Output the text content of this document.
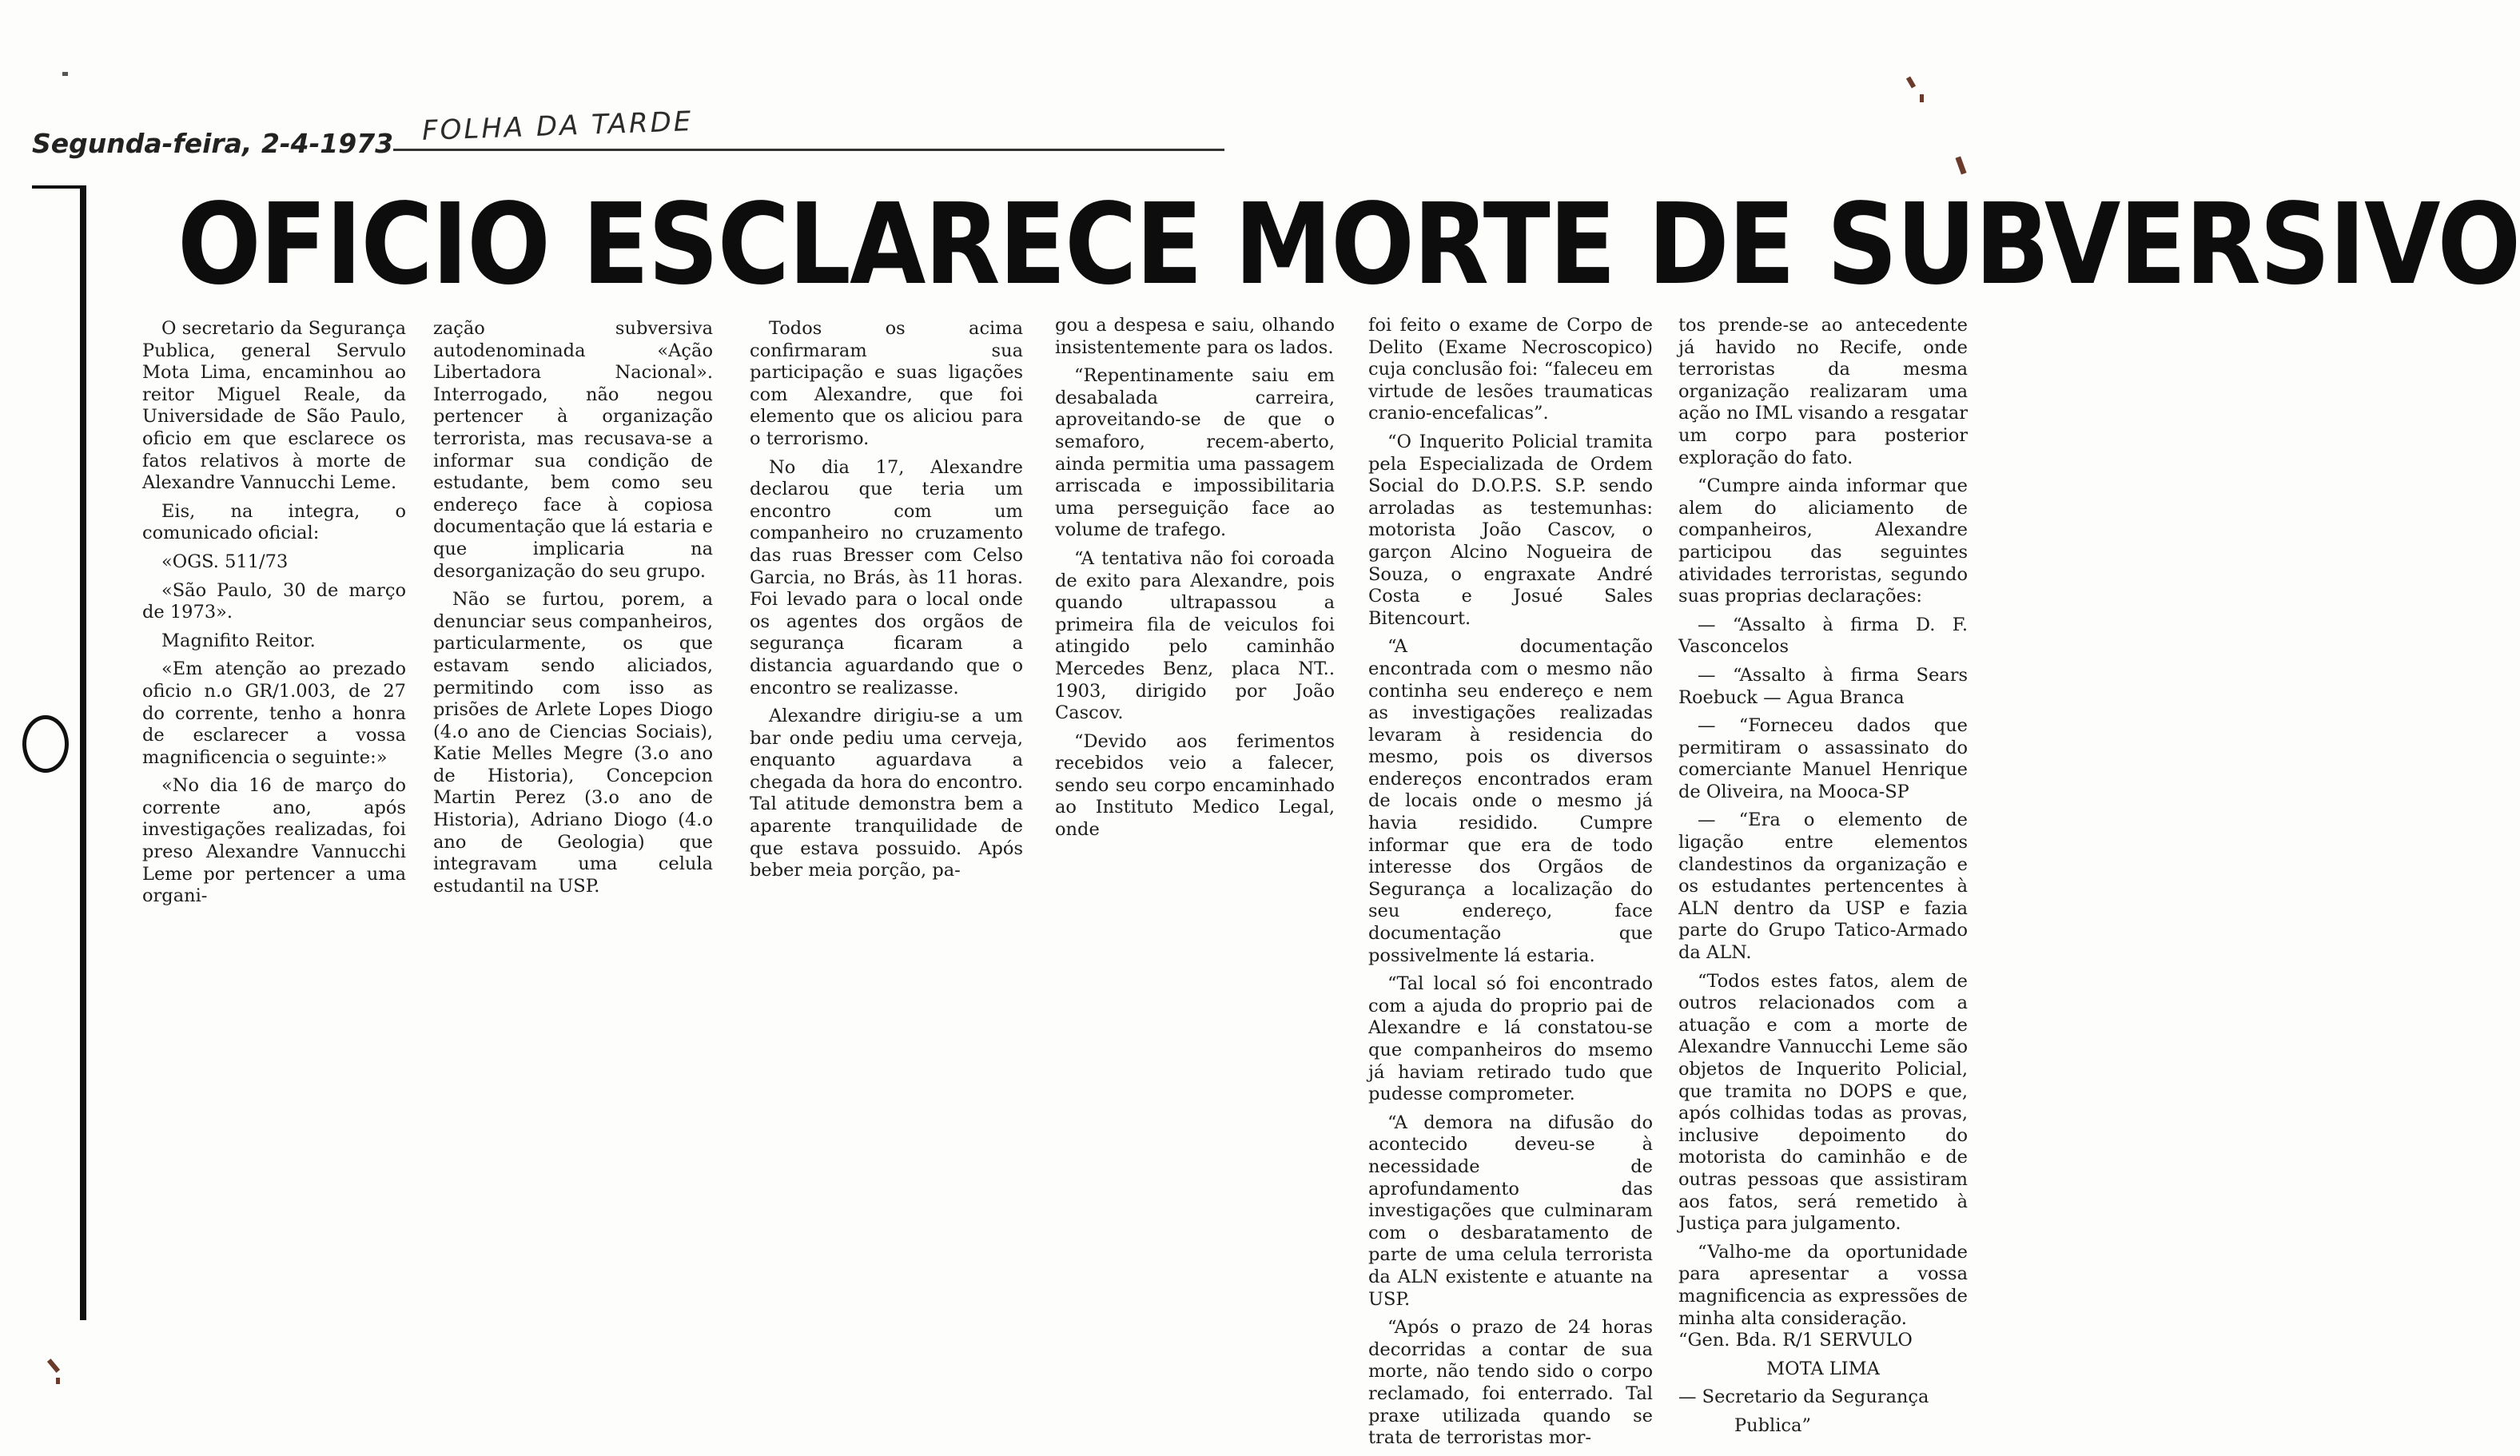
Segunda-feira, 2-4-1973 FOLHA DA TARDE
OFICIO ESCLARECE MORTE DE SUBVERSIVO

O secretario da Segurança Publica, general Servulo Mota Lima, encaminhou ao reitor Miguel Reale, da Universidade de São Paulo, oficio em que esclarece os fatos relativos à morte de Alexandre Vannucchi Leme.

Eis, na integra, o comunicado oficial:

«OGS. 511/73

«São Paulo, 30 de março de 1973».

Magnifito Reitor.

«Em atenção ao prezado oficio n.o GR/1.003, de 27 do corrente, tenho a honra de esclarecer a vossa magnificencia o seguinte:»

«No dia 16 de março do corrente ano, após investigações realizadas, foi preso Alexandre Vannucchi Leme por pertencer a uma organi-

zação subversiva autodenominada «Ação Libertadora Nacional». Interrogado, não negou pertencer à organização terrorista, mas recusava-se a informar sua condição de estudante, bem como seu endereço face à copiosa documentação que lá estaria e que implicaria na desorganização do seu grupo.

Não se furtou, porem, a denunciar seus companheiros, particularmente, os que estavam sendo aliciados, permitindo com isso as prisões de Arlete Lopes Diogo (4.o ano de Ciencias Sociais), Katie Melles Megre (3.o ano de Historia), Concepcion Martin Perez (3.o ano de Historia), Adriano Diogo (4.o ano de Geologia) que integravam uma celula estudantil na USP.

Todos os acima confirmaram sua participação e suas ligações com Alexandre, que foi elemento que os aliciou para o terrorismo.

No dia 17, Alexandre declarou que teria um encontro com um companheiro no cruzamento das ruas Bresser com Celso Garcia, no Brás, às 11 horas. Foi levado para o local onde os agentes dos orgãos de segurança ficaram a distancia aguardando que o encontro se realizasse.

Alexandre dirigiu-se a um bar onde pediu uma cerveja, enquanto aguardava a chegada da hora do encontro. Tal atitude demonstra bem a aparente tranquilidade de que estava possuido. Após beber meia porção, pa-

gou a despesa e saiu, olhando insistentemente para os lados.

“Repentinamente saiu em desabalada carreira, aproveitando-se de que o semaforo, recem-aberto, ainda permitia uma passagem arriscada e impossibilitaria uma perseguição face ao volume de trafego.

“A tentativa não foi coroada de exito para Alexandre, pois quando ultrapassou a primeira fila de veiculos foi atingido pelo caminhão Mercedes Benz, placa NT.. 1903, dirigido por João Cascov.

“Devido aos ferimentos recebidos veio a falecer, sendo seu corpo encaminhado ao Instituto Medico Legal, onde

foi feito o exame de Corpo de Delito (Exame Necroscopico) cuja conclusão foi: “faleceu em virtude de lesões traumaticas cranio-encefalicas”.

“O Inquerito Policial tramita pela Especializada de Ordem Social do D.O.P.S. S.P. sendo arroladas as testemunhas: motorista João Cascov, o garçon Alcino Nogueira de Souza, o engraxate André Costa e Josué Sales Bitencourt.

“A documentação encontrada com o mesmo não continha seu endereço e nem as investigações realizadas levaram à residencia do mesmo, pois os diversos endereços encontrados eram de locais onde o mesmo já havia residido. Cumpre informar que era de todo interesse dos Orgãos de Segurança a localização do seu endereço, face documentação que possivelmente lá estaria.

“Tal local só foi encontrado com a ajuda do proprio pai de Alexandre e lá constatou-se que companheiros do msemo já haviam retirado tudo que pudesse comprometer.

“A demora na difusão do acontecido deveu-se à necessidade de aprofundamento das investigações que culminaram com o desbaratamento de parte de uma celula terrorista da ALN existente e atuante na USP.

“Após o prazo de 24 horas decorridas a contar de sua morte, não tendo sido o corpo reclamado, foi enterrado. Tal praxe utilizada quando se trata de terroristas mor-

tos prende-se ao antecedente já havido no Recife, onde terroristas da mesma organização realizaram uma ação no IML visando a resgatar um corpo para posterior exploração do fato.

“Cumpre ainda informar que alem do aliciamento de companheiros, Alexandre participou das seguintes atividades terroristas, segundo suas proprias declarações:

— “Assalto à firma D. F. Vasconcelos

— “Assalto à firma Sears Roebuck — Agua Branca

— “Forneceu dados que permitiram o assassinato do comerciante Manuel Henrique de Oliveira, na Mooca-SP

— “Era o elemento de ligação entre elementos clandestinos da organização e os estudantes pertencentes à ALN dentro da USP e fazia parte do Grupo Tatico-Armado da ALN.

“Todos estes fatos, alem de outros relacionados com a atuação e com a morte de Alexandre Vannucchi Leme são objetos de Inquerito Policial, que tramita no DOPS e que, após colhidas todas as provas, inclusive depoimento do motorista do caminhão e de outras pessoas que assistiram aos fatos, será remetido à Justiça para julgamento.

“Valho-me da oportunidade para apresentar a vossa magnificencia as expressões de minha alta consideração.

“Gen. Bda. R/1 SERVULO

MOTA LIMA

— Secretario da Segurança

Publica”
